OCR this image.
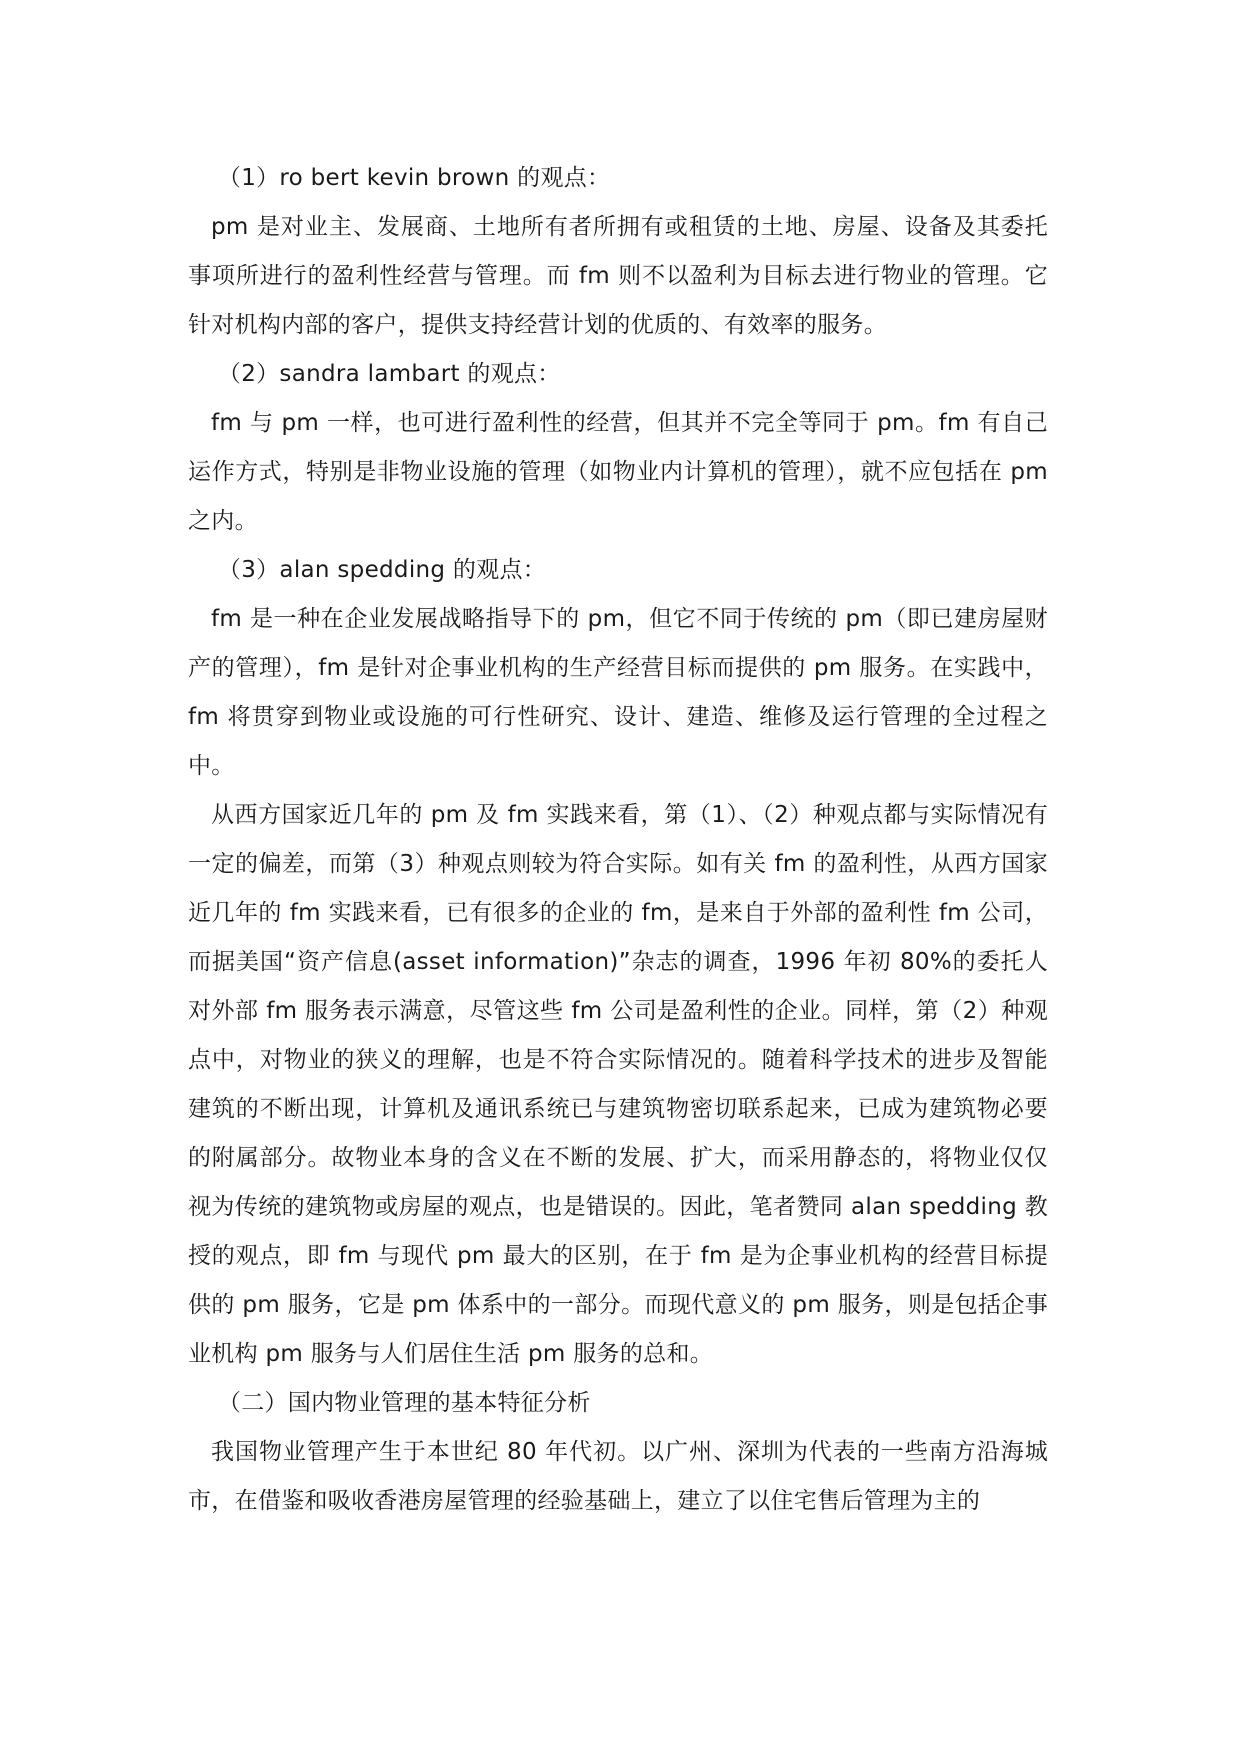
（1）ro bert kevin brown 的观点：

pm 是对业主、发展商、土地所有者所拥有或租赁的土地、房屋、设备及其委托事项所进行的盈利性经营与管理。而 fm 则不以盈利为目标去进行物业的管理。它针对机构内部的客户，提供支持经营计划的优质的、有效率的服务。

（2）sandra lambart 的观点：

fm 与 pm 一样，也可进行盈利性的经营，但其并不完全等同于 pm。fm 有自己运作方式，特别是非物业设施的管理（如物业内计算机的管理），就不应包括在 pm 之内。

（3）alan spedding 的观点：

fm 是一种在企业发展战略指导下的 pm，但它不同于传统的 pm（即已建房屋财产的管理），fm 是针对企事业机构的生产经营目标而提供的 pm 服务。在实践中，fm 将贯穿到物业或设施的可行性研究、设计、建造、维修及运行管理的全过程之中。

从西方国家近几年的 pm 及 fm 实践来看，第（1）、（2）种观点都与实际情况有一定的偏差，而第（3）种观点则较为符合实际。如有关 fm 的盈利性，从西方国家近几年的 fm 实践来看，已有很多的企业的 fm，是来自于外部的盈利性 fm 公司，而据美国“资产信息(asset information)”杂志的调查，1996 年初 80%的委托人对外部 fm 服务表示满意，尽管这些 fm 公司是盈利性的企业。同样，第（2）种观点中，对物业的狭义的理解，也是不符合实际情况的。随着科学技术的进步及智能建筑的不断出现，计算机及通讯系统已与建筑物密切联系起来，已成为建筑物必要的附属部分。故物业本身的含义在不断的发展、扩大，而采用静态的，将物业仅仅视为传统的建筑物或房屋的观点，也是错误的。因此，笔者赞同 alan spedding 教授的观点，即 fm 与现代 pm 最大的区别，在于 fm 是为企事业机构的经营目标提供的 pm 服务，它是 pm 体系中的一部分。而现代意义的 pm 服务，则是包括企事业机构 pm 服务与人们居住生活 pm 服务的总和。

（二）国内物业管理的基本特征分析

我国物业管理产生于本世纪 80 年代初。以广州、深圳为代表的一些南方沿海城市，在借鉴和吸收香港房屋管理的经验基础上，建立了以住宅售后管理为主的
